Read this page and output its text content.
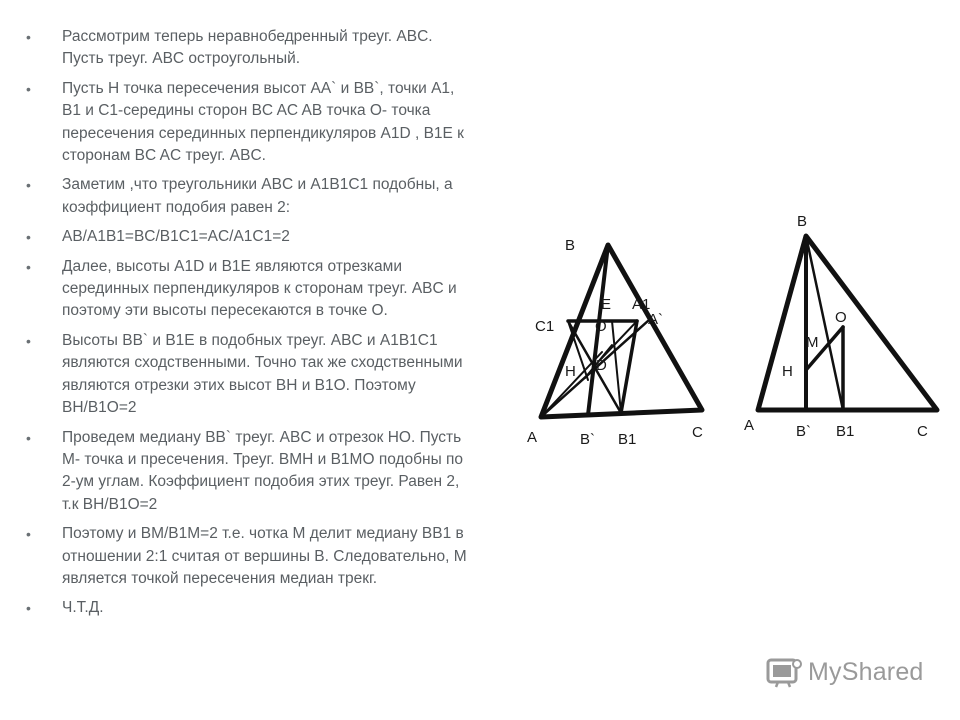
• Рассмотрим теперь неравнобедренный треуг. ABC. Пусть треуг. ABC остроугольный.
• Пусть H точка пересечения высот AA` и BB`, точки A1, B1 и C1-середины сторон BC AC AB точка O- точка пересечения серединных перпендикуляров A1D , B1E к сторонам BC AC треуг. ABC.
• Заметим ,что треугольники ABC и A1B1C1 подобны, а коэффициент подобия равен 2:
• AB/A1B1=BC/B1C1=AC/A1C1=2
• Далее, высоты A1D и B1E являются отрезками серединных перпендикуляров к сторонам треуг. ABC и поэтому эти высоты пересекаются в точке O.
• Высоты BB` и B1E в подобных треуг. ABC и A1B1C1 являются сходственными. Точно так же сходственными являются отрезки этих высот BH и B1O. Поэтому BH/B1O=2
• Проведем медиану BB` треуг. ABC и отрезок HO. Пусть M- точка и пресечения. Треуг. BMH и B1MO подобны по 2-ум углам. Коэффициент подобия этих треуг. Равен 2, т.к BH/B1O=2
• Поэтому и BM/B1M=2 т.е. чотка M делит медиану BB1 в отношении 2:1 считая от вершины B. Следовательно, M является точкой пересечения медиан трекг.
• Ч.Т.Д.
B
E A1
A`
C1	O
H D
A	B` B1	C
B
O
M
H
A	B` B1	C
MyShared
